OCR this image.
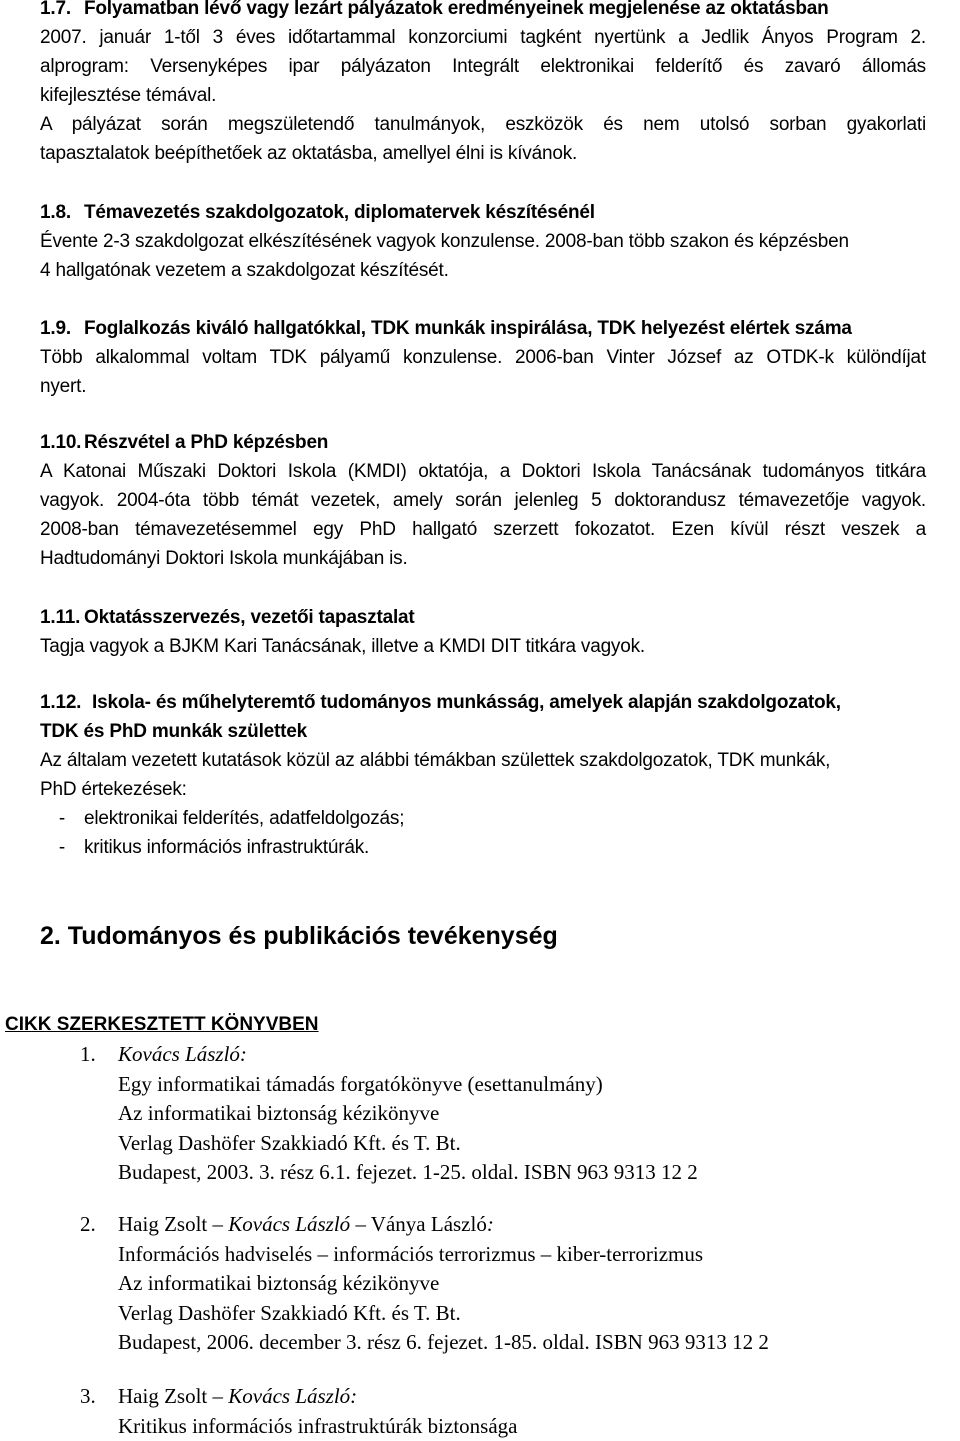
1.7. Folyamatban lévő vagy lezárt pályázatok eredményeinek megjelenése az oktatásban
2007. január 1-től 3 éves időtartammal konzorciumi tagként nyertünk a Jedlik Ányos Program 2.
alprogram: Versenyképes ipar pályázaton Integrált elektronikai felderítő és zavaró állomás
kifejlesztése témával.
A pályázat során megszületendő tanulmányok, eszközök és nem utolsó sorban gyakorlati
tapasztalatok beépíthetőek az oktatásba, amellyel élni is kívánok.
1.8. Témavezetés szakdolgozatok, diplomatervek készítésénél
Évente 2-3 szakdolgozat elkészítésének vagyok konzulense. 2008-ban több szakon és képzésben
4 hallgatónak vezetem a szakdolgozat készítését.
1.9. Foglalkozás kiváló hallgatókkal, TDK munkák inspirálása, TDK helyezést elértek száma
Több alkalommal voltam TDK pályamű konzulense. 2006-ban Vinter József az OTDK-k különdíjat
nyert.
1.10. Részvétel a PhD képzésben
A Katonai Műszaki Doktori Iskola (KMDI) oktatója, a Doktori Iskola Tanácsának tudományos titkára
vagyok. 2004-óta több témát vezetek, amely során jelenleg 5 doktorandusz témavezetője vagyok.
2008-ban témavezetésemmel egy PhD hallgató szerzett fokozatot. Ezen kívül részt veszek a
Hadtudományi Doktori Iskola munkájában is.
1.11. Oktatásszervezés, vezetői tapasztalat
Tagja vagyok a BJKM Kari Tanácsának, illetve a KMDI DIT titkára vagyok.
1.12. Iskola- és műhelyteremtő tudományos munkásság, amelyek alapján szakdolgozatok,
TDK és PhD munkák születtek
Az általam vezetett kutatások közül az alábbi témákban születtek szakdolgozatok, TDK munkák,
PhD értekezések:
- elektronikai felderítés, adatfeldolgozás;
- kritikus információs infrastruktúrák.
2. Tudományos és publikációs tevékenység
CIKK SZERKESZTETT KÖNYVBEN
1.	Kovács László:
Egy informatikai támadás forgatókönyve (esettanulmány)
Az informatikai biztonság kézikönyve
Verlag Dashöfer Szakkiadó Kft. és T. Bt.
Budapest, 2003. 3. rész 6.1. fejezet. 1-25. oldal. ISBN 963 9313 12 2
2.	Haig Zsolt – Kovács László – Ványa László:
Információs hadviselés – információs terrorizmus – kiber-terrorizmus
Az informatikai biztonság kézikönyve
Verlag Dashöfer Szakkiadó Kft. és T. Bt.
Budapest, 2006. december 3. rész 6. fejezet. 1-85. oldal. ISBN 963 9313 12 2
3.	Haig Zsolt – Kovács László:
Kritikus információs infrastruktúrák biztonsága
